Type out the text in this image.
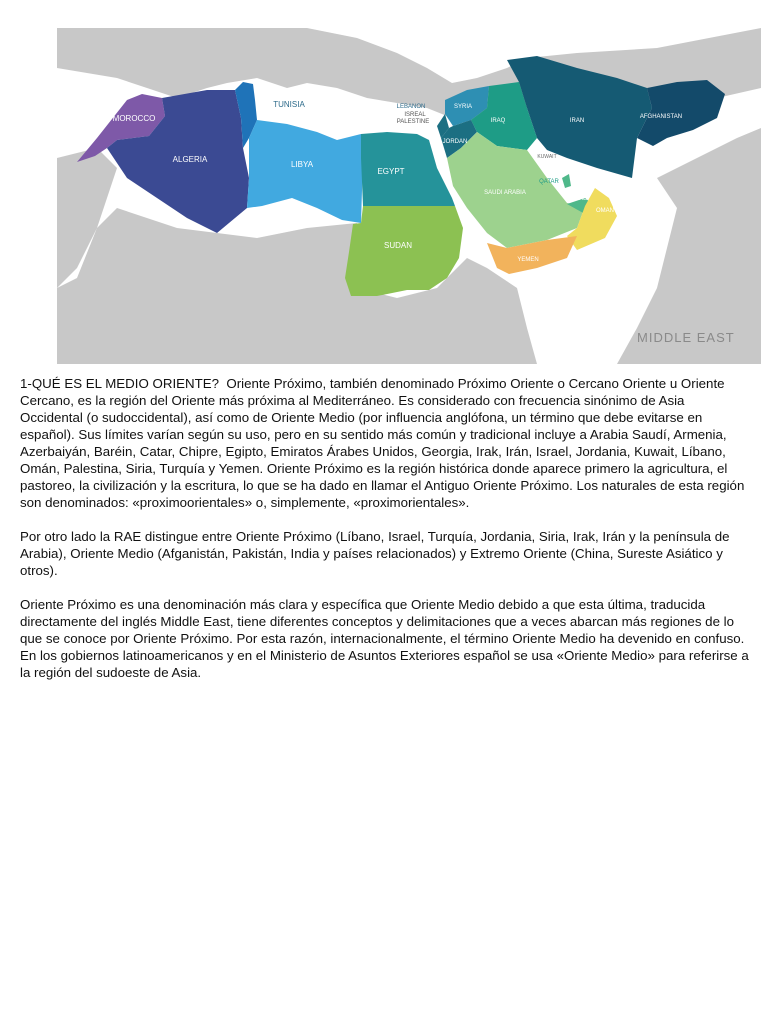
MOROCCO
ALGERIA
TUNISIA
LIBYA
EGYPT
SUDAN
LEBANON
ISREAL
PALESTINE
SYRIA
IRAQ
JORDAN
IRAN
AFGHANISTAN
SAUDI ARABIA
KUWAIT
QATAR
UAE
OMAN
YEMEN
MIDDLE EAST

1-QUÉ ES EL MEDIO ORIENTE?  Oriente Próximo, también denominado Próximo Oriente o Cercano Oriente u Oriente Cercano, es la región del Oriente más próxima al Mediterráneo. Es considerado con frecuencia sinónimo de Asia Occidental (o sudoccidental), así como de Oriente Medio (por influencia anglófona, un término que debe evitarse en español). Sus límites varían según su uso, pero en su sentido más común y tradicional incluye a Arabia Saudí, Armenia, Azerbaiyán, Baréin, Catar, Chipre, Egipto, Emiratos Árabes Unidos, Georgia, Irak, Irán, Israel, Jordania, Kuwait, Líbano, Omán, Palestina, Siria, Turquía y Yemen. Oriente Próximo es la región histórica donde aparece primero la agricultura, el pastoreo, la civilización y la escritura, lo que se ha dado en llamar el Antiguo Oriente Próximo. Los naturales de esta región son denominados: «proximoorientales» o, simplemente, «proximorientales».

Por otro lado la RAE distingue entre Oriente Próximo (Líbano, Israel, Turquía, Jordania, Siria, Irak, Irán y la península de Arabia), Oriente Medio (Afganistán, Pakistán, India y países relacionados) y Extremo Oriente (China, Sureste Asiático y otros).

Oriente Próximo es una denominación más clara y específica que Oriente Medio debido a que esta última, traducida directamente del inglés Middle East, tiene diferentes conceptos y delimitaciones que a veces abarcan más regiones de lo que se conoce por Oriente Próximo. Por esta razón, internacionalmente, el término Oriente Medio ha devenido en confuso. En los gobiernos latinoamericanos y en el Ministerio de Asuntos Exteriores español se usa «Oriente Medio» para referirse a la región del sudoeste de Asia.
